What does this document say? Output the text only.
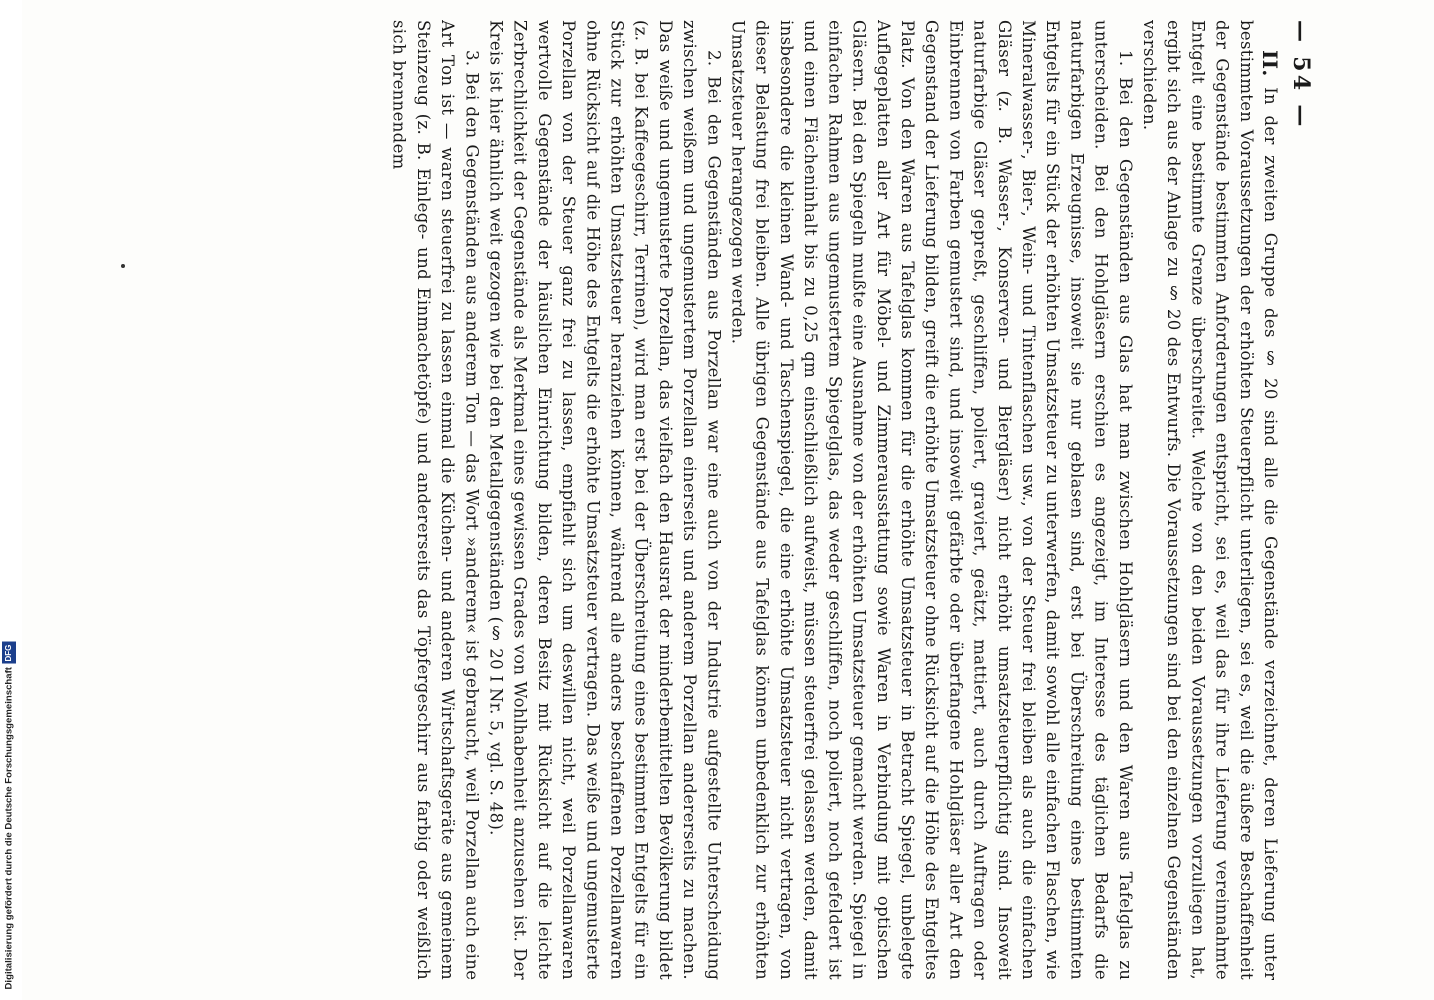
— 54 —

II. In der zweiten Gruppe des § 20 sind alle die Gegenstände verzeichnet, deren Lieferung unter bestimmten Voraussetzungen der erhöhten Steuerpflicht unterliegen, sei es, weil die äußere Beschaffenheit der Gegenstände bestimmten Anforderungen entspricht, sei es, weil das für ihre Lieferung vereinnahmte Entgelt eine bestimmte Grenze überschreitet. Welche von den beiden Voraussetzungen vorzuliegen hat, ergibt sich aus der Anlage zu § 20 des Entwurfs. Die Voraussetzungen sind bei den einzelnen Gegenständen verschieden.

1. Bei den Gegenständen aus Glas hat man zwischen Hohlgläsern und den Waren aus Tafelglas zu unterscheiden. Bei den Hohlgläsern erschien es angezeigt, im Interesse des täglichen Bedarfs die naturfarbigen Erzeugnisse, insoweit sie nur geblasen sind, erst bei Überschreitung eines bestimmten Entgelts für ein Stück der erhöhten Umsatzsteuer zu unterwerfen, damit sowohl alle einfachen Flaschen, wie Mineralwasser-, Bier-, Wein- und Tintenflaschen usw., von der Steuer frei bleiben als auch die einfachen Gläser (z. B. Wasser-, Konserven- und Biergläser) nicht erhöht umsatzsteuerpflichtig sind. Insoweit naturfarbige Gläser gepreßt, geschliffen, poliert, graviert, geätzt, mattiert, auch durch Auftragen oder Einbrennen von Farben gemustert sind, und insoweit gefärbte oder überfangene Hohlgläser aller Art den Gegenstand der Lieferung bilden, greift die erhöhte Umsatzsteuer ohne Rücksicht auf die Höhe des Entgeltes Platz. Von den Waren aus Tafelglas kommen für die erhöhte Umsatzsteuer in Betracht Spiegel, unbelegte Auflegeplatten aller Art für Möbel- und Zimmerausstattung sowie Waren in Verbindung mit optischen Gläsern. Bei den Spiegeln mußte eine Ausnahme von der erhöhten Umsatzsteuer gemacht werden. Spiegel in einfachen Rahmen aus ungemustertem Spiegelglas, das weder geschliffen, noch poliert, noch gefeldert ist und einen Flächeninhalt bis zu 0,25 qm einschließlich aufweist, müssen steuerfrei gelassen werden, damit insbesondere die kleinen Wand- und Taschenspiegel, die eine erhöhte Umsatzsteuer nicht vertragen, von dieser Belastung frei bleiben. Alle übrigen Gegenstände aus Tafelglas können unbedenklich zur erhöhten Umsatzsteuer herangezogen werden.

2. Bei den Gegenständen aus Porzellan war eine auch von der Industrie aufgestellte Unterscheidung zwischen weißem und ungemustertem Porzellan einerseits und anderem Porzellan andererseits zu machen. Das weiße und ungemusterte Porzellan, das vielfach den Hausrat der minderbemittelten Bevölkerung bildet (z. B. bei Kaffeegeschirr, Terrinen), wird man erst bei der Überschreitung eines bestimmten Entgelts für ein Stück zur erhöhten Umsatzsteuer heranziehen können, während alle anders beschaffenen Porzellanwaren ohne Rücksicht auf die Höhe des Entgelts die erhöhte Umsatzsteuer vertragen. Das weiße und ungemusterte Porzellan von der Steuer ganz frei zu lassen, empfiehlt sich um deswillen nicht, weil Porzellanwaren wertvolle Gegenstände der häuslichen Einrichtung bilden, deren Besitz mit Rücksicht auf die leichte Zerbrechlichkeit der Gegenstände als Merkmal eines gewissen Grades von Wohlhabenheit anzusehen ist. Der Kreis ist hier ähnlich weit gezogen wie bei den Metallgegenständen (§ 20 I Nr. 5, vgl. S. 48).

3. Bei den Gegenständen aus anderem Ton — das Wort »anderem« ist gebraucht, weil Porzellan auch eine Art Ton ist — waren steuerfrei zu lassen einmal die Küchen- und anderen Wirtschaftsgeräte aus gemeinem Steinzeug (z. B. Einlege- und Einmachetöpfe) und andererseits das Töpfergeschirr aus farbig oder weißlich sich brennendem

Digitalisierung gefördert durch die Deutsche Forschungsgemeinschaft
DFG
